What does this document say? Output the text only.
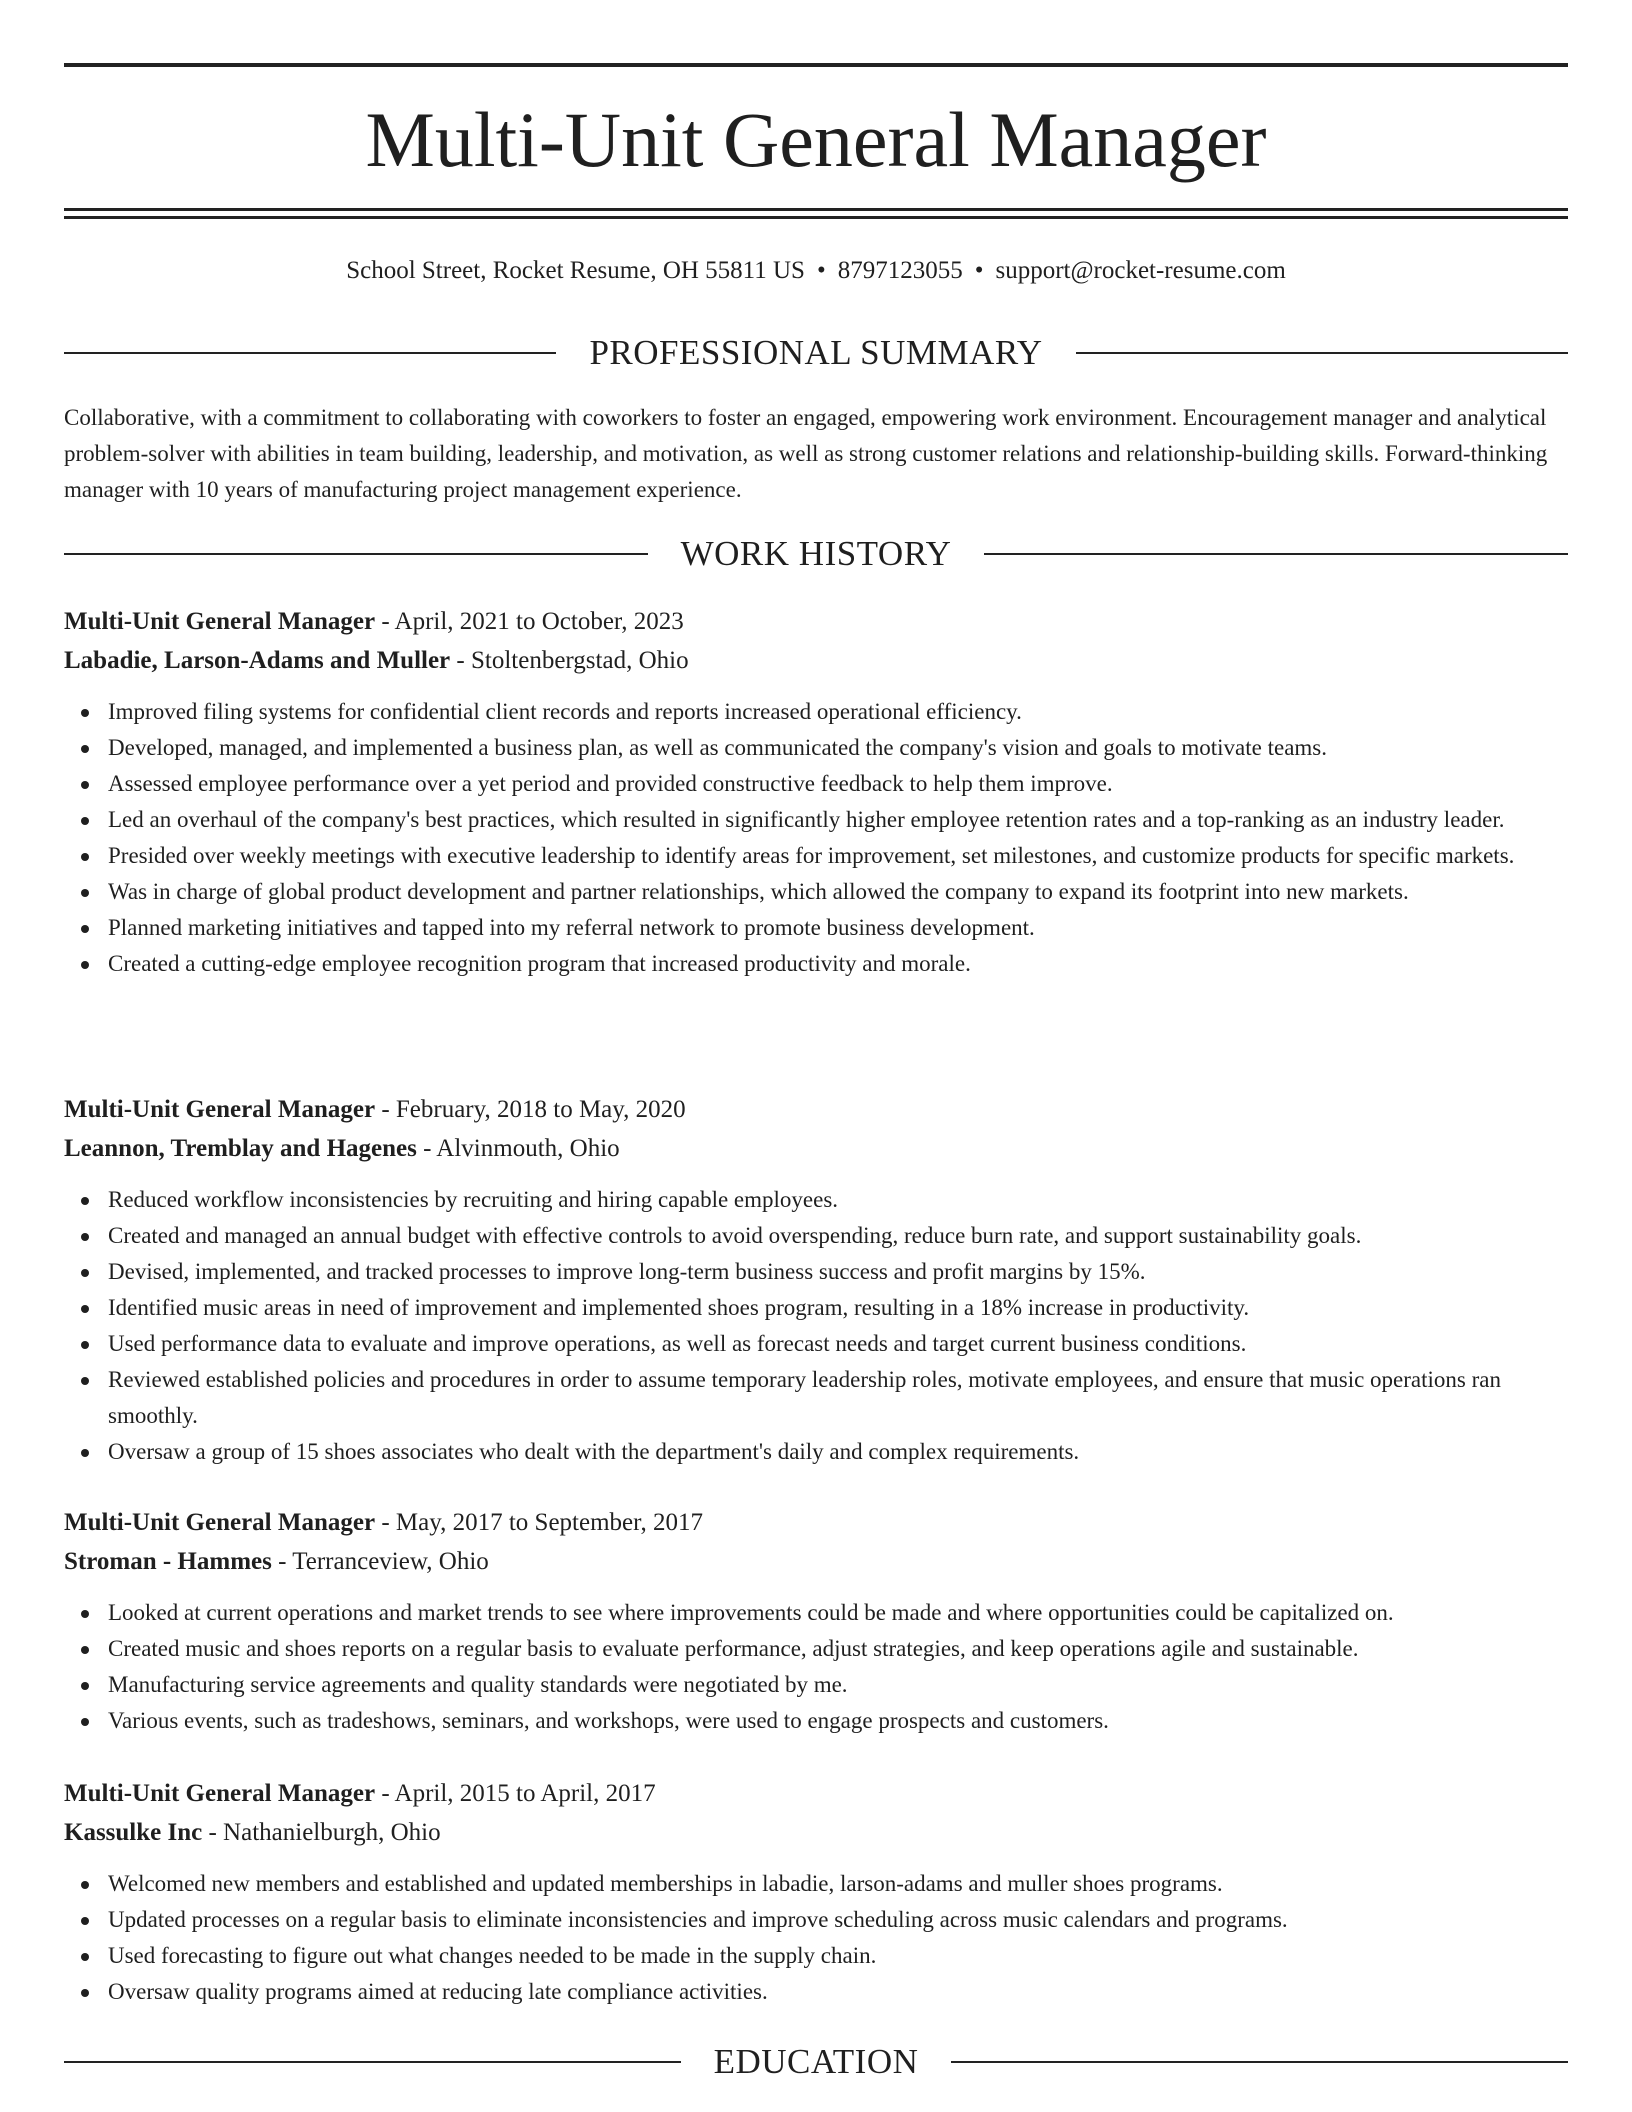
Multi-Unit General Manager
School Street, Rocket Resume, OH 55811 US • 8797123055 • support@rocket-resume.com
PROFESSIONAL SUMMARY

Collaborative, with a commitment to collaborating with coworkers to foster an engaged, empowering work environment. Encouragement manager and analytical problem-solver with abilities in team building, leadership, and motivation, as well as strong customer relations and relationship-building skills. Forward-thinking manager with 10 years of manufacturing project management experience.

WORK HISTORY
Multi-Unit General Manager - April, 2021 to October, 2023
Labadie, Larson-Adams and Muller - Stoltenbergstad, Ohio
Improved filing systems for confidential client records and reports increased operational efficiency.
Developed, managed, and implemented a business plan, as well as communicated the company's vision and goals to motivate teams.
Assessed employee performance over a yet period and provided constructive feedback to help them improve.
Led an overhaul of the company's best practices, which resulted in significantly higher employee retention rates and a top-ranking as an industry leader.
Presided over weekly meetings with executive leadership to identify areas for improvement, set milestones, and customize products for specific markets.
Was in charge of global product development and partner relationships, which allowed the company to expand its footprint into new markets.
Planned marketing initiatives and tapped into my referral network to promote business development.
Created a cutting-edge employee recognition program that increased productivity and morale.
Multi-Unit General Manager - February, 2018 to May, 2020
Leannon, Tremblay and Hagenes - Alvinmouth, Ohio
Reduced workflow inconsistencies by recruiting and hiring capable employees.
Created and managed an annual budget with effective controls to avoid overspending, reduce burn rate, and support sustainability goals.
Devised, implemented, and tracked processes to improve long-term business success and profit margins by 15%.
Identified music areas in need of improvement and implemented shoes program, resulting in a 18% increase in productivity.
Used performance data to evaluate and improve operations, as well as forecast needs and target current business conditions.
Reviewed established policies and procedures in order to assume temporary leadership roles, motivate employees, and ensure that music operations ran smoothly.
Oversaw a group of 15 shoes associates who dealt with the department's daily and complex requirements.
Multi-Unit General Manager - May, 2017 to September, 2017
Stroman - Hammes - Terranceview, Ohio
Looked at current operations and market trends to see where improvements could be made and where opportunities could be capitalized on.
Created music and shoes reports on a regular basis to evaluate performance, adjust strategies, and keep operations agile and sustainable.
Manufacturing service agreements and quality standards were negotiated by me.
Various events, such as tradeshows, seminars, and workshops, were used to engage prospects and customers.
Multi-Unit General Manager - April, 2015 to April, 2017
Kassulke Inc - Nathanielburgh, Ohio
Welcomed new members and established and updated memberships in labadie, larson-adams and muller shoes programs.
Updated processes on a regular basis to eliminate inconsistencies and improve scheduling across music calendars and programs.
Used forecasting to figure out what changes needed to be made in the supply chain.
Oversaw quality programs aimed at reducing late compliance activities.
EDUCATION
